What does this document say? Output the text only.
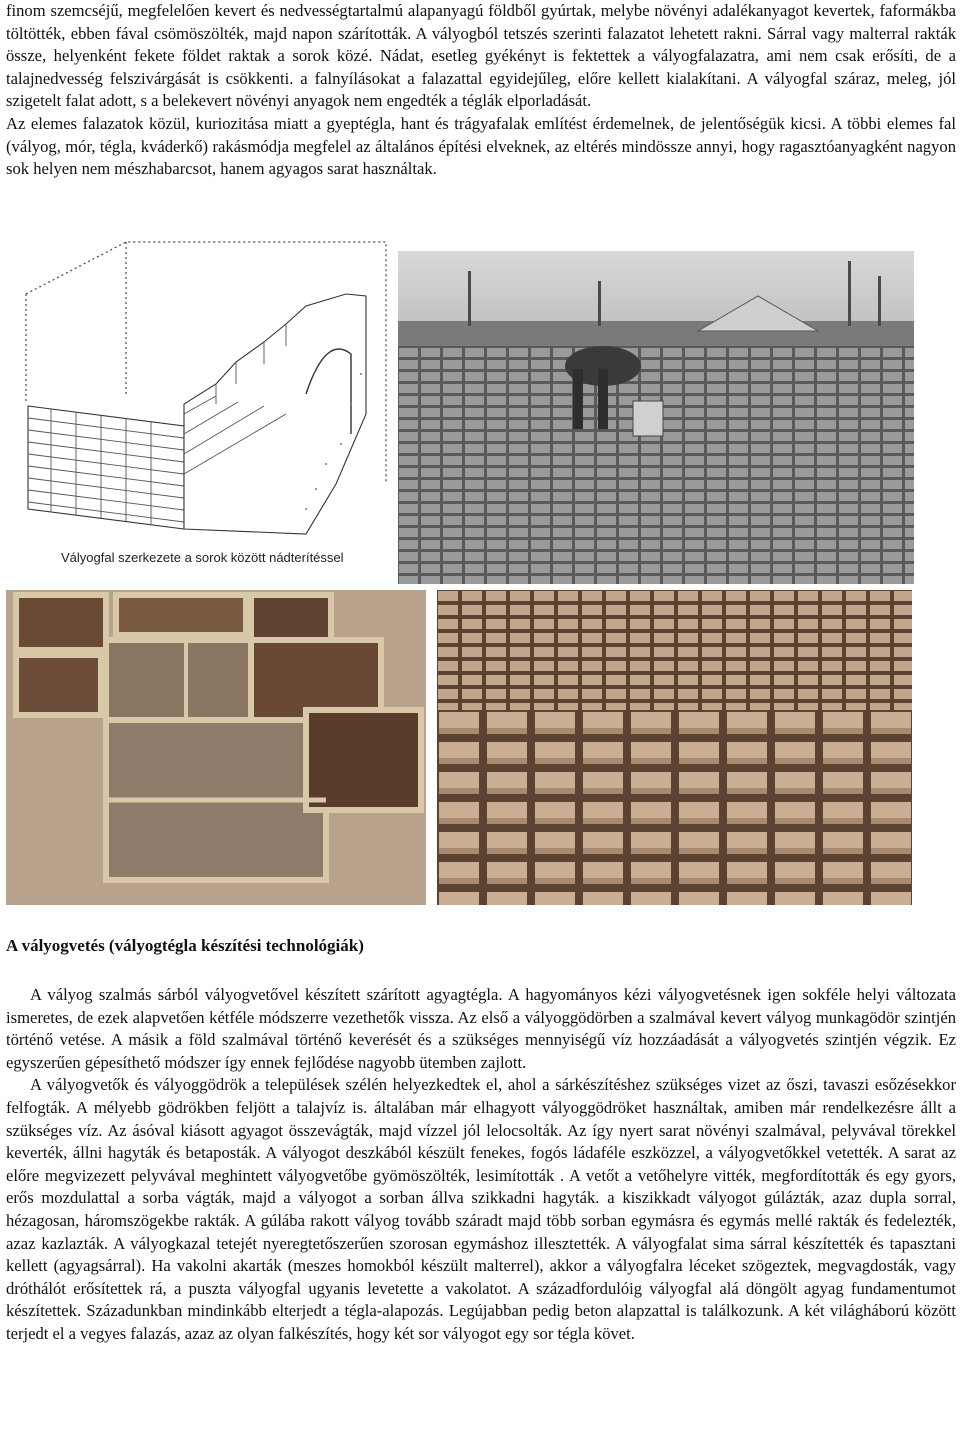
finom szemcséjű, megfelelően kevert és nedvességtartalmú alapanyagú földből gyúrtak, melybe növényi adalékanyagot kevertek, faformákba töltötték, ebben fával csömöszölték, majd napon szárították. A vályogból tetszés szerinti falazatot lehetett rakni. Sárral vagy malterral rakták össze, helyenként fekete földet raktak a sorok közé. Nádat, esetleg gyékényt is fektettek a vályogfalazatra, ami nem csak erősíti, de a talajnedvesség felszivárgását is csökkenti. a falnyílásokat a falazattal egyidejűleg, előre kellett kialakítani. A vályogfal száraz, meleg, jól szigetelt falat adott, s a belekevert növényi anyagok nem engedték a téglák elporladását.

Az elemes falazatok közül, kuriozitása miatt a gyeptégla, hant és trágyafalak említést érdemelnek, de jelentőségük kicsi. A többi elemes fal (vályog, mór, tégla, kváderkő) rakásmódja megfelel az általános építési elveknek, az eltérés mindössze annyi, hogy ragasztóanyagként nagyon sok helyen nem mészhabarcsot, hanem agyagos sarat használtak.

Vályogfal szerkezete a sorok között nádterítéssel
A vályogvetés (vályogtégla készítési technológiák)

A vályog szalmás sárból vályogvetővel készített szárított agyagtégla. A hagyományos kézi vályogvetésnek igen sokféle helyi változata ismeretes, de ezek alapvetően kétféle módszerre vezethetők vissza. Az első a vályoggödörben a szalmával kevert vályog munkagödör szintjén történő vetése. A másik a föld szalmával történő keverését és a szükséges mennyiségű víz hozzáadását a vályogvetés szintjén végzik. Ez egyszerűen gépesíthető módszer így ennek fejlődése nagyobb ütemben zajlott.

A vályogvetők és vályoggödrök a települések szélén helyezkedtek el, ahol a sárkészítéshez szükséges vizet az őszi, tavaszi esőzésekkor felfogták. A mélyebb gödrökben feljött a talajvíz is. általában már elhagyott vályoggödröket használtak, amiben már rendelkezésre állt a szükséges víz. Az ásóval kiásott agyagot összevágták, majd vízzel jól lelocsolták. Az így nyert sarat növényi szalmával, pelyvával törekkel keverték, állni hagyták és betaposták. A vályogot deszkából készült fenekes, fogós ládaféle eszközzel, a vályogvetőkkel vetették. A sarat az előre megvizezett pelyvával meghintett vályogvetőbe gyömöszölték, lesimították . A vetőt a vetőhelyre vitték, megfordították és egy gyors, erős mozdulattal a sorba vágták, majd a vályogot a sorban állva szikkadni hagyták. a kiszikkadt vályogot gúlázták, azaz dupla sorral, hézagosan, háromszögekbe rakták. A gúlába rakott vályog tovább száradt majd több sorban egymásra és egymás mellé rakták és fedelezték, azaz kazlazták. A vályogkazal tetejét nyeregtetőszerűen szorosan egymáshoz illesztették. A vályogfalat sima sárral készítették és tapasztani kellett (agyagsárral). Ha vakolni akarták (meszes homokból készült malterrel), akkor a vályogfalra léceket szögeztek, megvagdosták, vagy dróthálót erősítettek rá, a puszta vályogfal ugyanis levetette a vakolatot. A századfordulóig vályogfal alá döngölt agyag fundamentumot készítettek. Századunkban mindinkább elterjedt a tégla-alapozás. Legújabban pedig beton alapzattal is találkozunk. A két világháború között terjedt el a vegyes falazás, azaz az olyan falkészítés, hogy két sor vályogot egy sor tégla követ.
